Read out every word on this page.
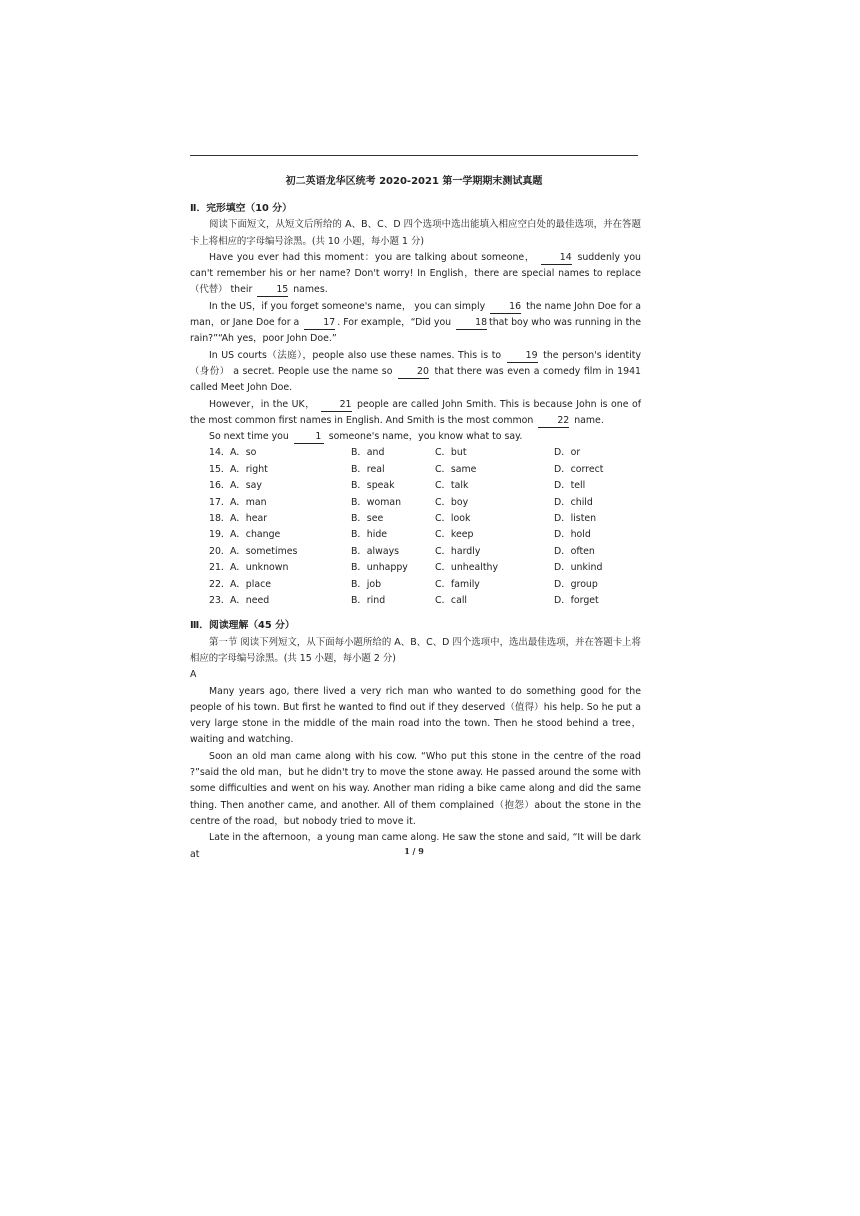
初二英语龙华区统考 2020-2021 第一学期期末测试真题

Ⅱ．完形填空（10 分）

阅读下面短文，从短文后所给的 A、B、C、D 四个选项中选出能填入相应空白处的最佳选项，并在答题卡上将相应的字母编号涂黑。(共 10 小题，每小题 1 分)

Have you ever had this moment：you are talking about someone，	14 suddenly you can't remember his or her name? Don't worry! In English，there are special names to replace（代替） their	15 names.

In the US，if you forget someone's name， you can simply	16 the name John Doe for a man，or Jane Doe for a	17 . For example，“Did you	18 that boy who was running in the rain?”“Ah yes，poor John Doe.”

In US courts（法庭），people also use these names. This is to	19 the person's identity（身份） a secret. People use the name so	20 that there was even a comedy film in 1941 called Meet John Doe.

However，in the UK，	21 people are called John Smith. This is because John is one of the most common first names in English. And Smith is the most common	22 name.

So next time you	1 someone's name，you know what to say.

14． A．so	B．and	C．but	D．or
15． A．right	B．real	C．same	D．correct
16． A．say	B．speak	C．talk	D．tell
17． A．man	B．woman	C．boy	D．child
18． A．hear	B．see	C．look	D．listen
19． A．change	B．hide	C．keep	D．hold
20． A．sometimes	B．always	C．hardly	D．often
21． A．unknown	B．unhappy	C．unhealthy	D．unkind
22． A．place	B．job	C．family	D．group
23． A．need	B．rind	C．call	D．forget

Ⅲ．阅读理解（45 分）

第一节 阅读下列短文，从下面每小题所给的 A、B、C、D 四个选项中，选出最佳选项，并在答题卡上将相应的字母编号涂黑。(共 15 小题，每小题 2 分)

A

Many years ago, there lived a very rich man who wanted to do something good for the people of his town. But first he wanted to find out if they deserved（值得）his help. So he put a very large stone in the middle of the main road into the town. Then he stood behind a tree，waiting and watching.

Soon an old man came along with his cow. “Who put this stone in the centre of the road ?”said the old man，but he didn't try to move the stone away. He passed around the some with some difficulties and went on his way. Another man riding a bike came along and did the same thing. Then another came, and another. All of them complained（抱怨）about the stone in the centre of the road，but nobody tried to move it.

Late in the afternoon，a young man came along. He saw the stone and said, “It will be dark at	1 / 9
